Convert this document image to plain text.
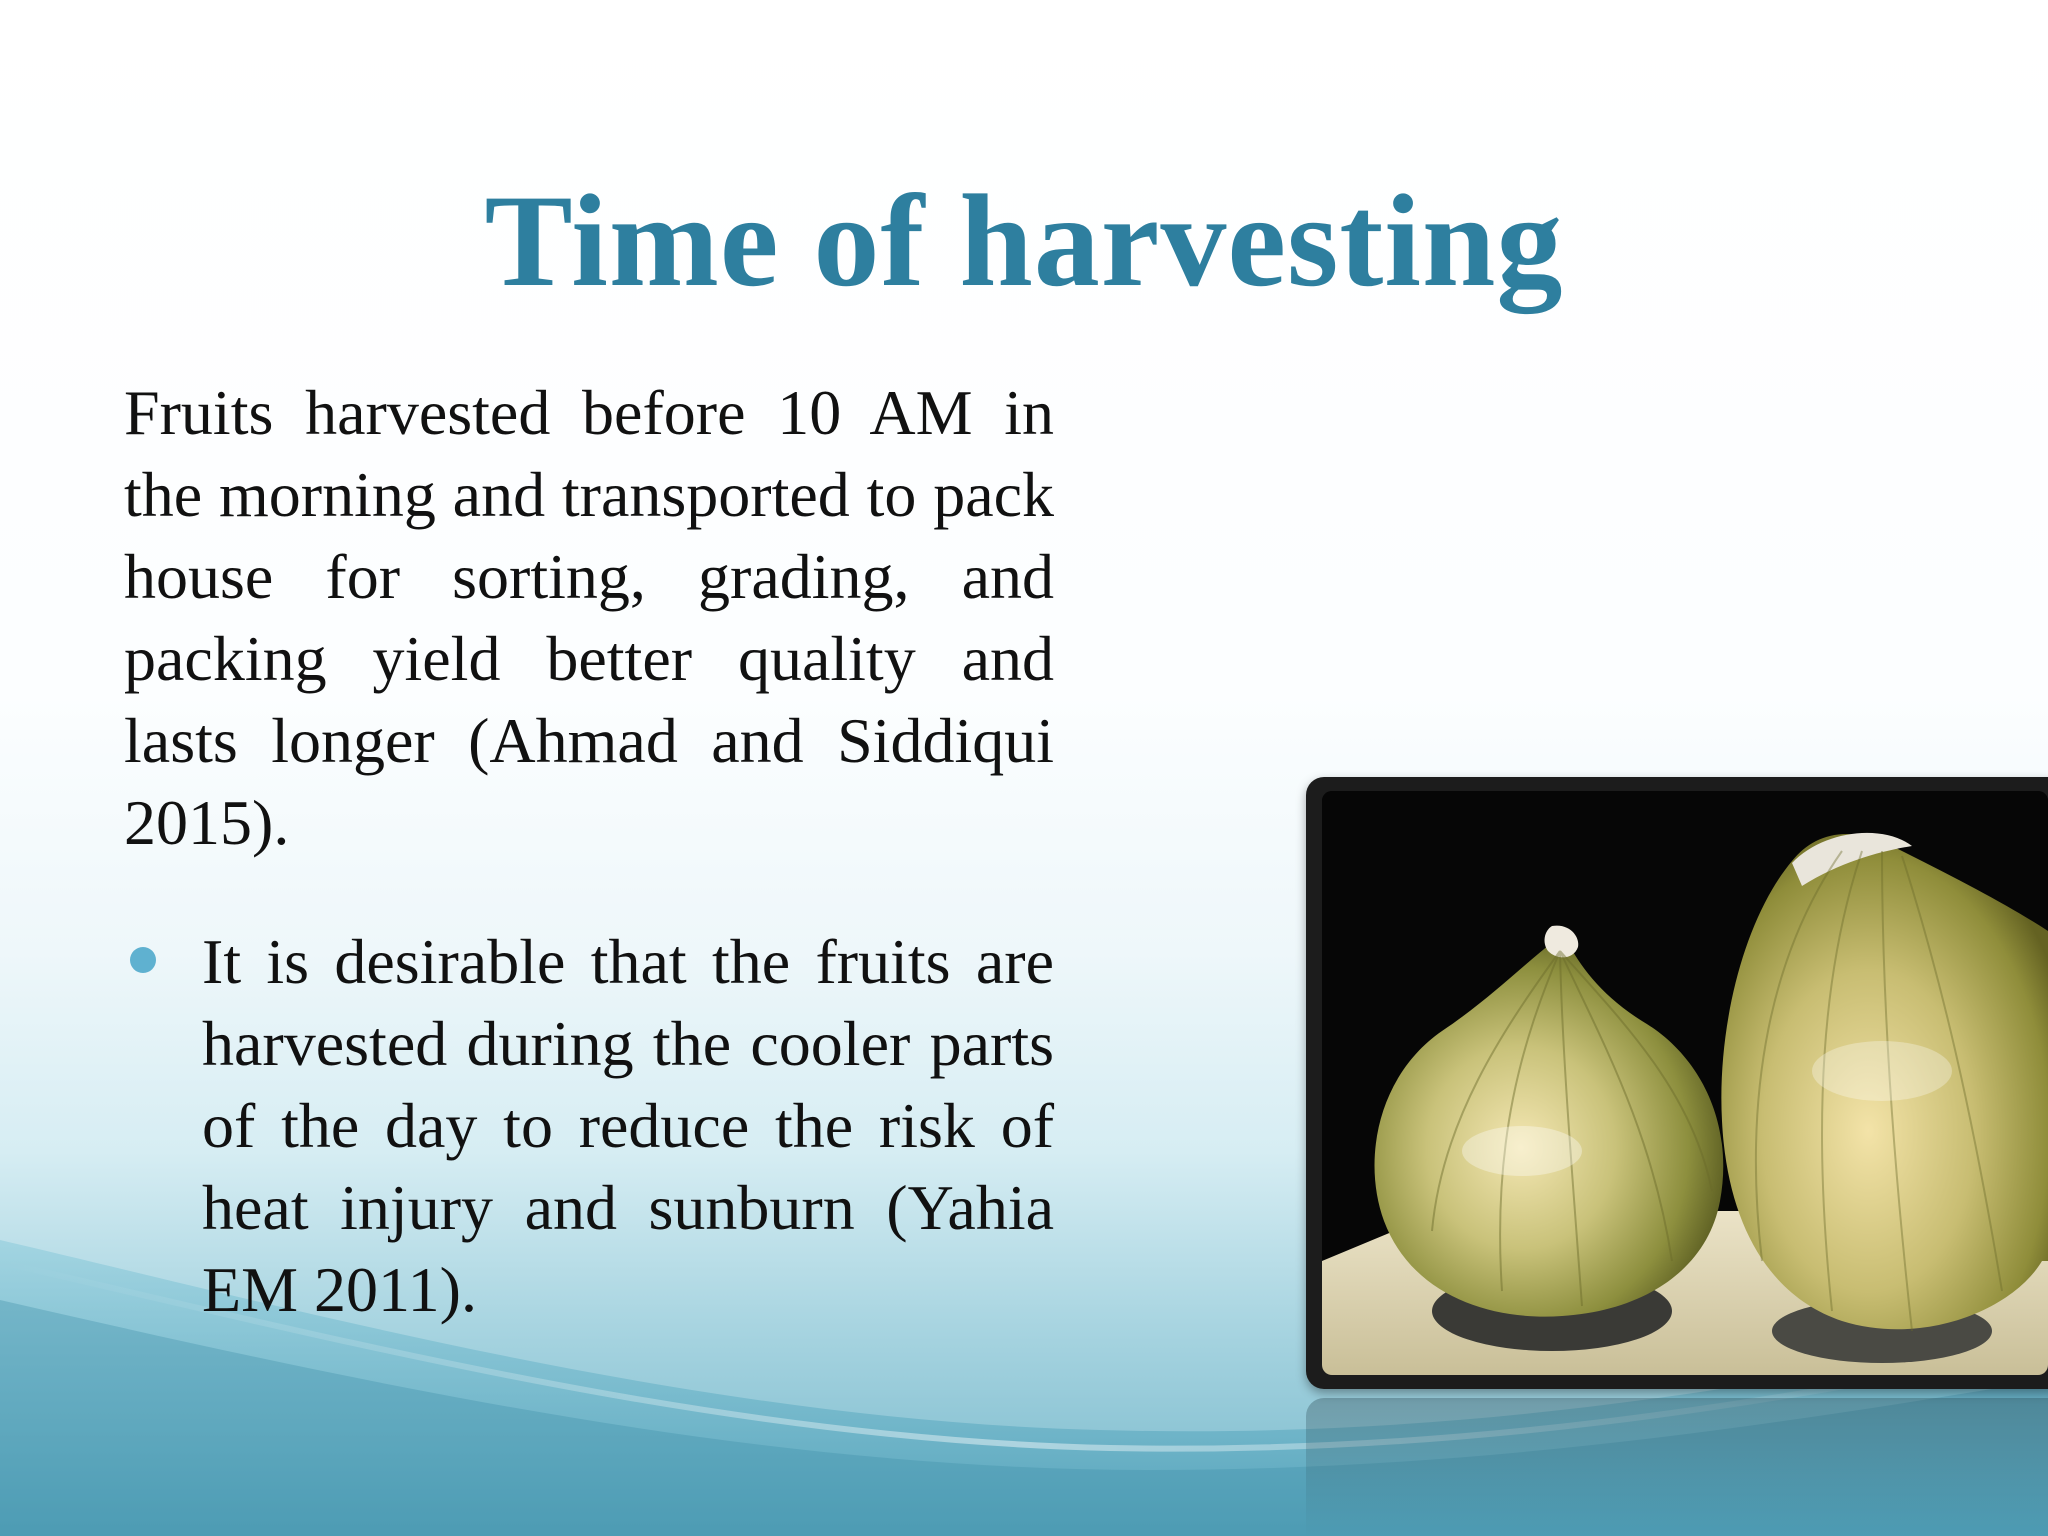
Time of harvesting

Fruits harvested before 10 AM in the morning and transported to pack house for sorting, grading, and packing yield better quality and lasts longer (Ahmad and Siddiqui 2015).

It is desirable that the fruits are harvested during the cooler parts of the day to reduce the risk of heat injury and sunburn (Yahia EM 2011).
